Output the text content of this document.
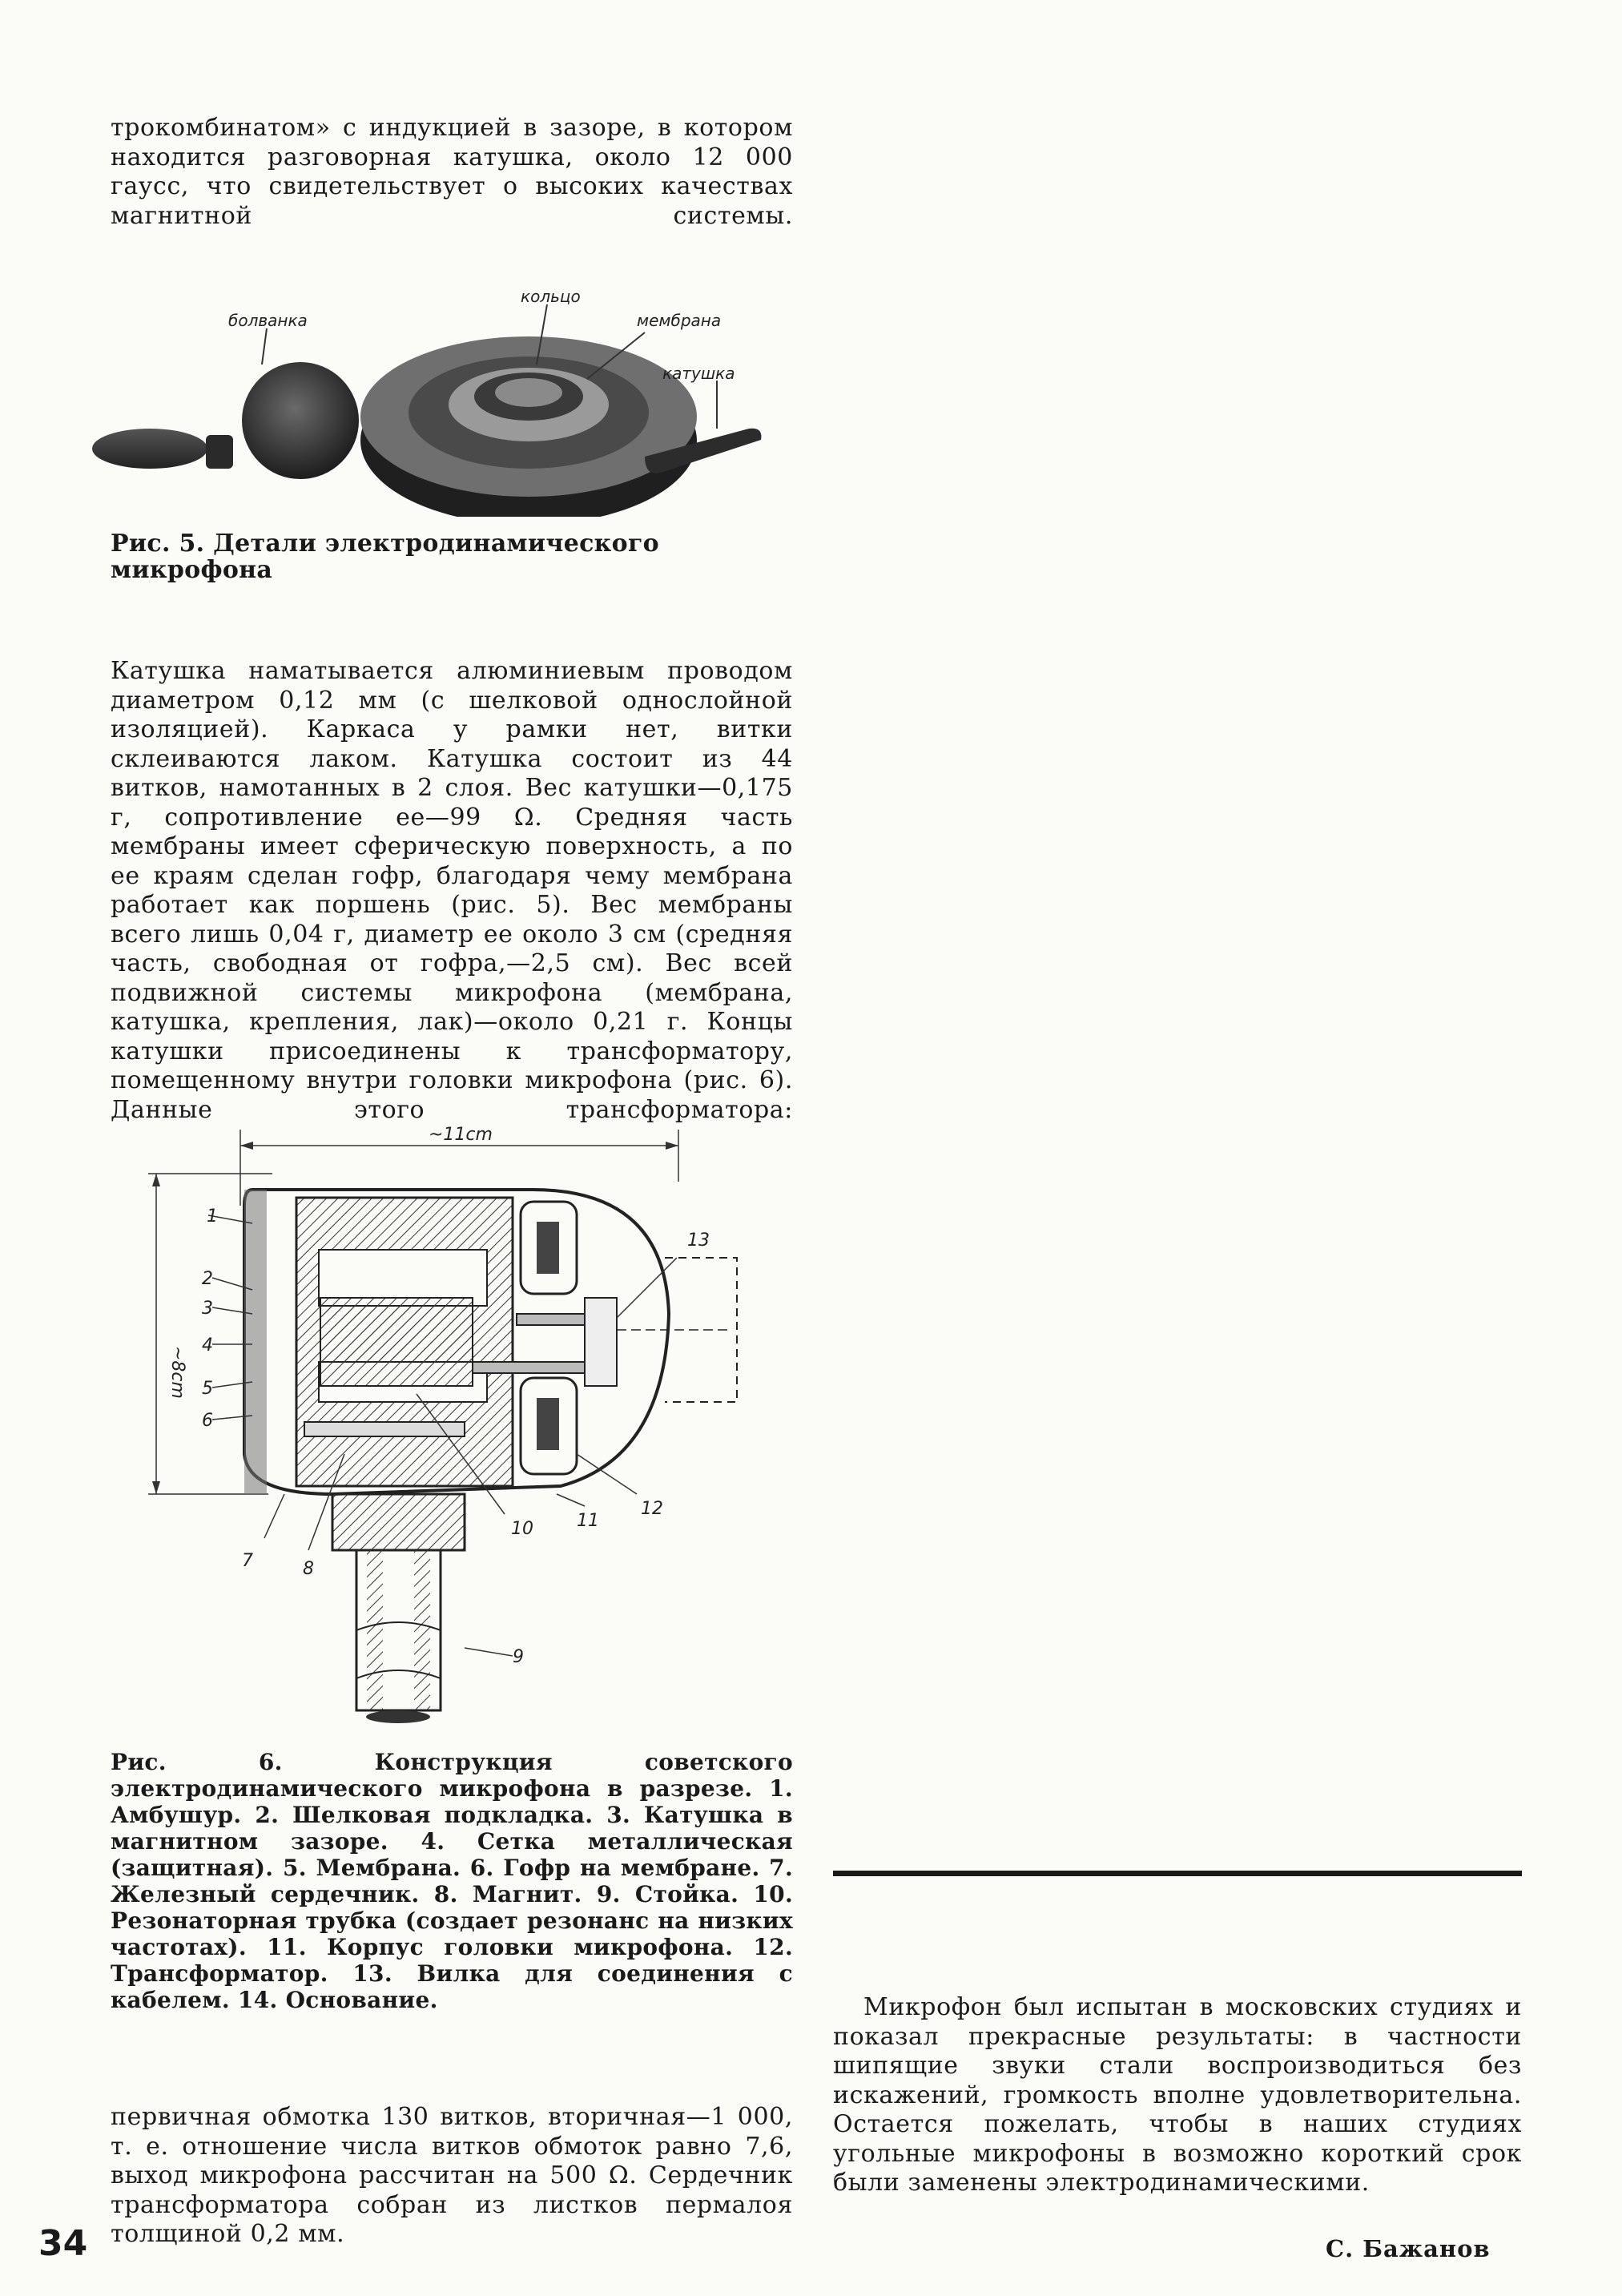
трокомбинатом» с индукцией в зазоре, в котором находится разговорная катушка, около 12 000 гаусс, что свидетельствует о высоких качествах магнитной системы.
болванка
кольцо
мембрана
катушка
Рис. 5. Детали электродинамического микрофона
Катушка наматывается алюминиевым проводом диаметром 0,12 мм (с шелковой однослойной изоляцией). Каркаса у рамки нет, витки склеиваются лаком. Катушка состоит из 44 витков, намотанных в 2 слоя. Вес катушки—0,175 г, сопротивление ее—99 Ω. Средняя часть мембраны имеет сферическую поверхность, а по ее краям сделан гофр, благодаря чему мембрана работает как поршень (рис. 5). Вес мембраны всего лишь 0,04 г, диаметр ее около 3 см (средняя часть, свободная от гофра,—2,5 см). Вес всей подвижной системы микрофона (мембрана, катушка, крепления, лак)—около 0,21 г. Концы катушки присоединены к трансформатору, помещенному внутри головки микрофона (рис. 6). Данные этого трансформатора:
~11cm
~8cm
1
2
3
4
5
6
7	8
9
10 11
12
13
Рис. 6. Конструкция советского электродинамического микрофона в разрезе. 1. Амбушур. 2. Шелковая подкладка. 3. Катушка в магнитном зазоре. 4. Сетка металлическая (защитная). 5. Мембрана. 6. Гофр на мембране. 7. Железный сердечник. 8. Магнит. 9. Стойка. 10. Резонаторная трубка (создает резонанс на низких частотах). 11. Корпус головки микрофона. 12. Трансформатор. 13. Вилка для соединения с кабелем. 14. Основание.
первичная обмотка 130 витков, вторичная—1 000, т. е. отношение числа витков обмоток равно 7,6, выход микрофона рассчитан на 500 Ω. Сердечник трансформатора собран из листков пермалоя толщиной 0,2 мм.
34
Микрофон был испытан в московских студиях и показал прекрасные результаты: в частности шипящие звуки стали воспроизводиться без искажений, громкость вполне удовлетворительна. Остается пожелать, чтобы в наших студиях угольные микрофоны в возможно короткий срок были заменены электродинамическими.
С. Бажанов
